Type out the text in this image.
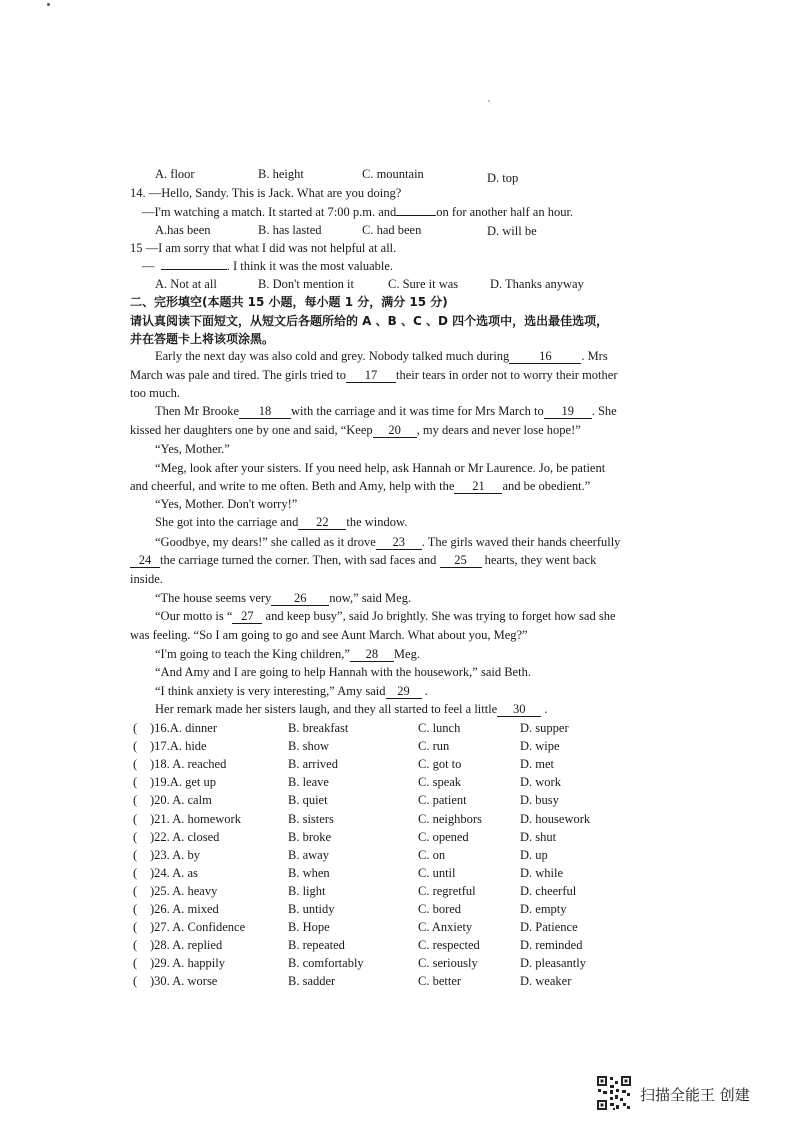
A. floor	B. height	C. mountain	D. top
14. —Hello, Sandy. This is Jack. What are you doing?
—I'm watching a match. It started at 7:00 p.m. and	on for another half an hour.
A.has been	B. has lasted	C. had been	D. will be
15 —I am sorry that what I did was not helpful at all.
—	. I think it was the most valuable.
A. Not at all	B. Don't mention it	C. Sure it was	D. Thanks anyway
二、完形填空(本题共 15 小题，每小题 1 分，满分 15 分)
请认真阅读下面短文，从短文后各题所给的 A 、B 、C 、D 四个选项中，选出最佳选项，
并在答题卡上将该项涂黑。
Early the next day was also cold and grey. Nobody talked much during 16 . Mrs
March was pale and tired. The girls tried to 17 their tears in order not to worry their mother
too much.
Then Mr Brooke 18 with the carriage and it was time for Mrs March to 19 . She
kissed her daughters one by one and said, “Keep 20 , my dears and never lose hope!”
“Yes, Mother.”
“Meg, look after your sisters. If you need help, ask Hannah or Mr Laurence. Jo, be patient
and cheerful, and write to me often. Beth and Amy, help with the 21 and be obedient.”
“Yes, Mother. Don't worry!”
She got into the carriage and 22 the window.
“Goodbye, my dears!” she called as it drove 23 . The girls waved their hands cheerfully
24 the carriage turned the corner. Then, with sad faces and 25 hearts, they went back
inside.
“The house seems very 26 now,” said Meg.
“Our motto is “ 27 and keep busy”, said Jo brightly. She was trying to forget how sad she
was feeling. “So I am going to go and see Aunt March. What about you, Meg?”
“I'm going to teach the King children,” 28 Meg.
“And Amy and I are going to help Hannah with the housework,” said Beth.
“I think anxiety is very interesting,” Amy said 29 .
Her remark made her sisters laugh, and they all started to feel a little 30 .
( )16.A. dinner	B. breakfast	C. lunch	D. supper
( )17.A. hide	B. show	C. run	D. wipe
( )18. A. reached	B. arrived	C. got to	D. met
( )19.A. get up	B. leave	C. speak	D. work
( )20. A. calm	B. quiet	C. patient	D. busy
( )21. A. homework	B. sisters	C. neighbors	D. housework
( )22. A. closed	B. broke	C. opened	D. shut
( )23. A. by	B. away	C. on	D. up
( )24. A. as	B. when	C. until	D. while
( )25. A. heavy	B. light	C. regretful	D. cheerful
( )26. A. mixed	B. untidy	C. bored	D. empty
( )27. A. Confidence	B. Hope	C. Anxiety	D. Patience
( )28. A. replied	B. repeated	C. respected	D. reminded
( )29. A. happily	B. comfortably	C. seriously	D. pleasantly
( )30. A. worse	B. sadder	C. better	D. weaker
扫描全能王 创建
